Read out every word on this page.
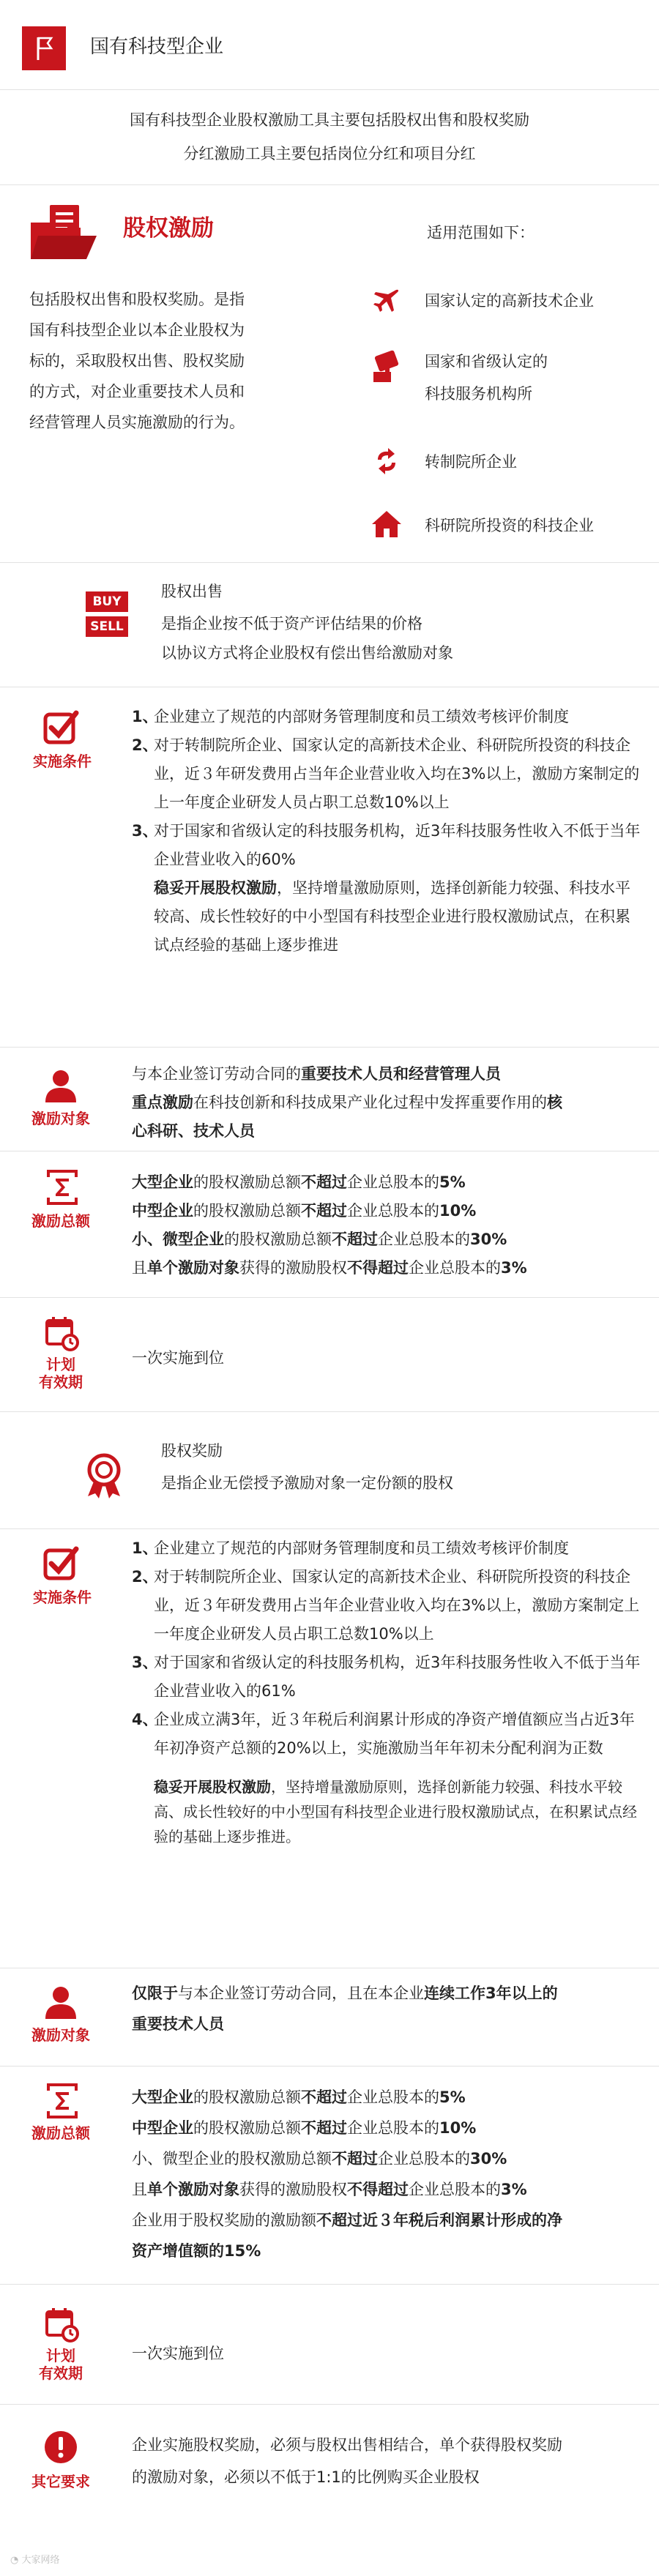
国有科技型企业
国有科技型企业股权激励工具主要包括股权出售和股权奖励
分红激励工具主要包括岗位分红和项目分红
股权激励
包括股权出售和股权奖励。是指
国有科技型企业以本企业股权为
标的，采取股权出售、股权奖励
的方式，对企业重要技术人员和
经营管理人员实施激励的行为。
适用范围如下：
国家认定的高新技术企业
国家和省级认定的
科技服务机构所
转制院所企业
科研院所投资的科技企业
BUY
SELL
股权出售
是指企业按不低于资产评估结果的价格
以协议方式将企业股权有偿出售给激励对象
实施条件
1、
企业建立了规范的内部财务管理制度和员工绩效考核评价制度
2、
对于转制院所企业、国家认定的高新技术企业、科研院所投资的科技企业，近３年研发费用占当年企业营业收入均在3%以上，激励方案制定的上一年度企业研发人员占职工总数10%以上
3、
对于国家和省级认定的科技服务机构，近3年科技服务性收入不低于当年企业营业收入的60%
稳妥开展股权激励，坚持增量激励原则，选择创新能力较强、科技水平较高、成长性较好的中小型国有科技型企业进行股权激励试点，在积累试点经验的基础上逐步推进
激励对象
与本企业签订劳动合同的重要技术人员和经营管理人员
重点激励在科技创新和科技成果产业化过程中发挥重要作用的核
心科研、技术人员
激励总额
大型企业的股权激励总额不超过企业总股本的5%
中型企业的股权激励总额不超过企业总股本的10%
小、微型企业的股权激励总额不超过企业总股本的30%
且单个激励对象获得的激励股权不得超过企业总股本的3%
计划
有效期
一次实施到位
股权奖励
是指企业无偿授予激励对象一定份额的股权
实施条件
1、
企业建立了规范的内部财务管理制度和员工绩效考核评价制度
2、
对于转制院所企业、国家认定的高新技术企业、科研院所投资的科技企业，近３年研发费用占当年企业营业收入均在3%以上，激励方案制定上一年度企业研发人员占职工总数10%以上
3、
对于国家和省级认定的科技服务机构，近3年科技服务性收入不低于当年企业营业收入的61%
4、
企业成立满3年，近３年税后利润累计形成的净资产增值额应当占近3年年初净资产总额的20%以上，实施激励当年年初未分配利润为正数
稳妥开展股权激励，坚持增量激励原则，选择创新能力较强、科技水平较高、成长性较好的中小型国有科技型企业进行股权激励试点，在积累试点经验的基础上逐步推进。
激励对象
仅限于与本企业签订劳动合同，且在本企业连续工作3年以上的
重要技术人员
激励总额
大型企业的股权激励总额不超过企业总股本的5%
中型企业的股权激励总额不超过企业总股本的10%
小、微型企业的股权激励总额不超过企业总股本的30%
且单个激励对象获得的激励股权不得超过企业总股本的3%
企业用于股权奖励的激励额不超过近３年税后利润累计形成的净
资产增值额的15%
计划
有效期
一次实施到位
其它要求
企业实施股权奖励，必须与股权出售相结合，单个获得股权奖励
的激励对象，必须以不低于1:1的比例购买企业股权
◔ 大家网络
